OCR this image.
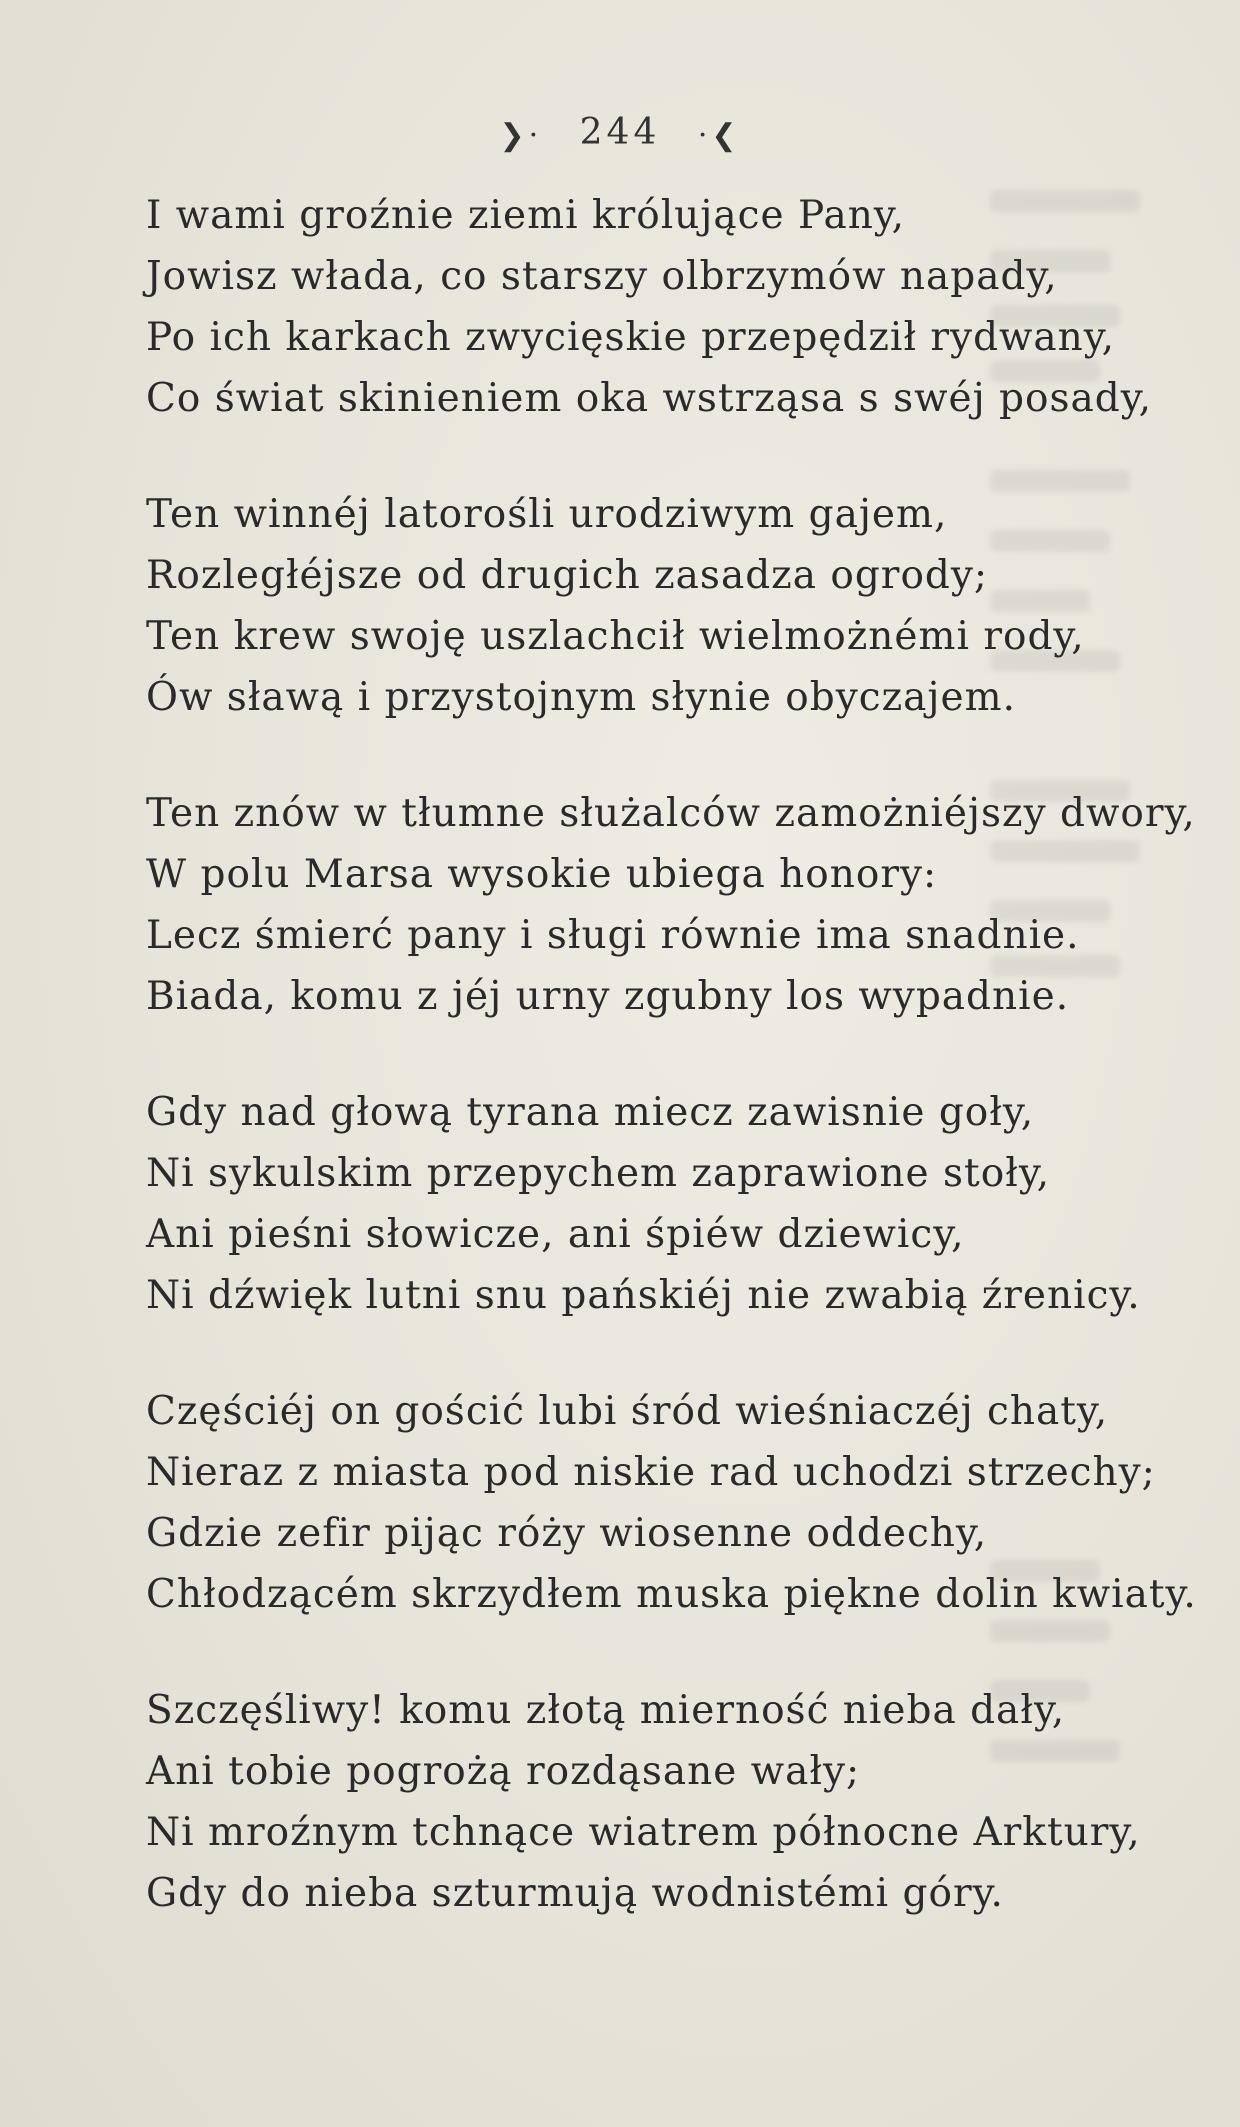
❯· 244 ·❮
I wami groźnie ziemi królujące Pany,
Jowisz włada, co starszy olbrzymów napady,
Po ich karkach zwycięskie przepędził rydwany,
Co świat skinieniem oka wstrząsa s swéj posady,
Ten winnéj latorośli urodziwym gajem,
Rozległéjsze od drugich zasadza ogrody;
Ten krew swoję uszlachcił wielmożnémi rody,
Ów sławą i przystojnym słynie obyczajem.
Ten znów w tłumne służalców zamożniéjszy dwory,
W polu Marsa wysokie ubiega honory:
Lecz śmierć pany i sługi równie ima snadnie.
Biada, komu z jéj urny zgubny los wypadnie.
Gdy nad głową tyrana miecz zawisnie goły,
Ni sykulskim przepychem zaprawione stoły,
Ani pieśni słowicze, ani śpiéw dziewicy,
Ni dźwięk lutni snu pańskiéj nie zwabią źrenicy.
Częściéj on gościć lubi śród wieśniaczéj chaty,
Nieraz z miasta pod niskie rad uchodzi strzechy;
Gdzie zefir pijąc róży wiosenne oddechy,
Chłodzącém skrzydłem muska piękne dolin kwiaty.
Szczęśliwy! komu złotą mierność nieba dały,
Ani tobie pogrożą rozdąsane wały;
Ni mroźnym tchnące wiatrem północne Arktury,
Gdy do nieba szturmują wodnistémi góry.
